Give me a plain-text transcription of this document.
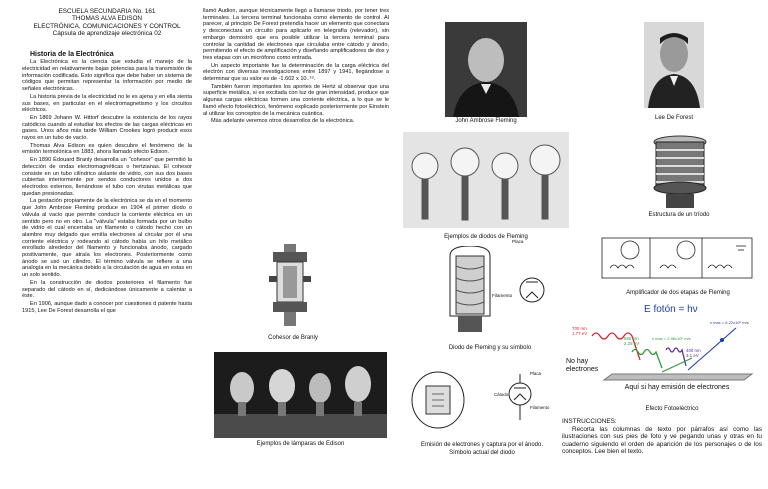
ESCUELA SECUNDARIA No. 161
THOMAS ALVA EDISON
ELECTRÓNICA, COMUNICACIONES Y CONTROL
Cápsula de aprendizaje electrónica 02
Historia de la Electrónica

La Electrónica es la ciencia que estudia el manejo de la electricidad en relativamente bajas potencias para la transmisión de información codificada. Esto significa que debe haber un sistema de códigos que permitan representar la información por medio de señales electrónicas.

La historia previa de la electricidad no le es ajena y en ella sienta sus bases, en particular en el electromagnetismo y los circuitos eléctricos.

En 1869 Johann W. Hittorf descubre la existencia de los rayos catódicos cuando al estudiar los efectos de las cargas eléctricas en gases. Unos años más tarde William Crookes logró producir esos rayos en un tubo de vacío.

Thomas Alva Edison es quien descubre el fenómeno de la emisión termoiónica en 1883, ahora llamado efecto Edison.

En 1890 Édouard Branly desarrolla un "cohesor" que permitió la detección de ondas electromagnéticas o hertzianas. El cohesor consiste en un tubo cilíndrico aislante de vidrio, con sus dos bases cubiertas interiormente por sendos conductores unidos a dos electrodos externos, llenándose el tubo con virutas metálicas que quedan presionadas.

La gestación propiamente de la electrónica se da en el momento que John Ambrose Fleming produce en 1904 el primer diodo o válvula al vacío que permite conducir la corriente eléctrica en un sentido pero no en otro. La "válvula" estaba formada por un bulbo de vidrio el cual encerraba un filamento o cátodo hecho con un alambre muy delgado que emitía electrones al circular por él una corriente eléctrica y rodeando al cátodo había un hilo metálico enrollado alrededor del filamento y funcionaba ánodo, cargado positivamente, que atraía los electrones. Posteriormente como ánodo se usó un cilindro. El término válvula se refiere a una analogía en la mecánica debido a la circulación de agua en estas en un solo sentido.

En la construcción de diodos posteriores el filamento fue separado del cátodo en sí, dedicándose únicamente a calentar a éste.

En 1906, aunque dado a conocer por cuestiones d patente hasta 1915, Lee De Forest desarrolla el que

llamó Audion, aunque técnicamente llegó a llamarse triodo, por tener tres terminales. La tercera terminal funcionaba como elemento de control. Al parecer, al principio De Forest pretendía hacer un elemento que conectara y desconectara un circuito para aplicarlo en telegrafía (relevador), sin embargo demostró que era posible utilizar la tercera terminal para controlar la cantidad de electrones que circulaba entre cátodo y ánodo, permitiendo el efecto de amplificación y diseñando amplificadores de dos y tres etapas con un micrófono como entrada.

Un aspecto importante fue la determinación de la carga eléctrica del electrón con diversas investigaciones entre 1897 y 1941, llegándose a determinar que su valor es de -1.602 x 10₋¹⁹.

También fueron importantes los aportes de Hertz al observar que una superficie metálica, si es excitada con luz de gran intensidad, produce que algunas cargas eléctricas formen una corriente eléctrica, a lo que se le llamó efecto fotoeléctrico, fenómeno explicado posteriormente por Einstein al utilizar los conceptos de la mecánica cuántica.

Más adelante veremos otros desarrollos de la electrónica.

Cohesor de Branly
Ejemplos de lámparas de Edison
John Ambrose Fleming
Ejemplos de diodos de Fleming
Placa
Filamento
Diodo de Fleming y su símbolo
Placa
Cátodo
Filamento
Emisión de electrones y captura por el ánodo.
Símbolo actual del diodo
Lee De Forest
Estructura de un tríodo
Amplificador de dos etapas de Fleming
E fotón = hν
700 nm
1.77 eV
550 nm
2.25 eV
400 nm
3.1 eV
v max = 2.96x10⁵ m/s
v max = 6.22x10⁵ m/s
No hay electrones
Aquí si hay emisión de electrones
Efecto Fotoeléctrico

INSTRUCCIONES:

Recorta las columnas de texto por párrafos así como las ilustraciones con sus pies de foto y ve pegando unas y otras en tu cuaderno siguiendo el orden de aparición de los personajes o de los conceptos. Lee bien el texto.
